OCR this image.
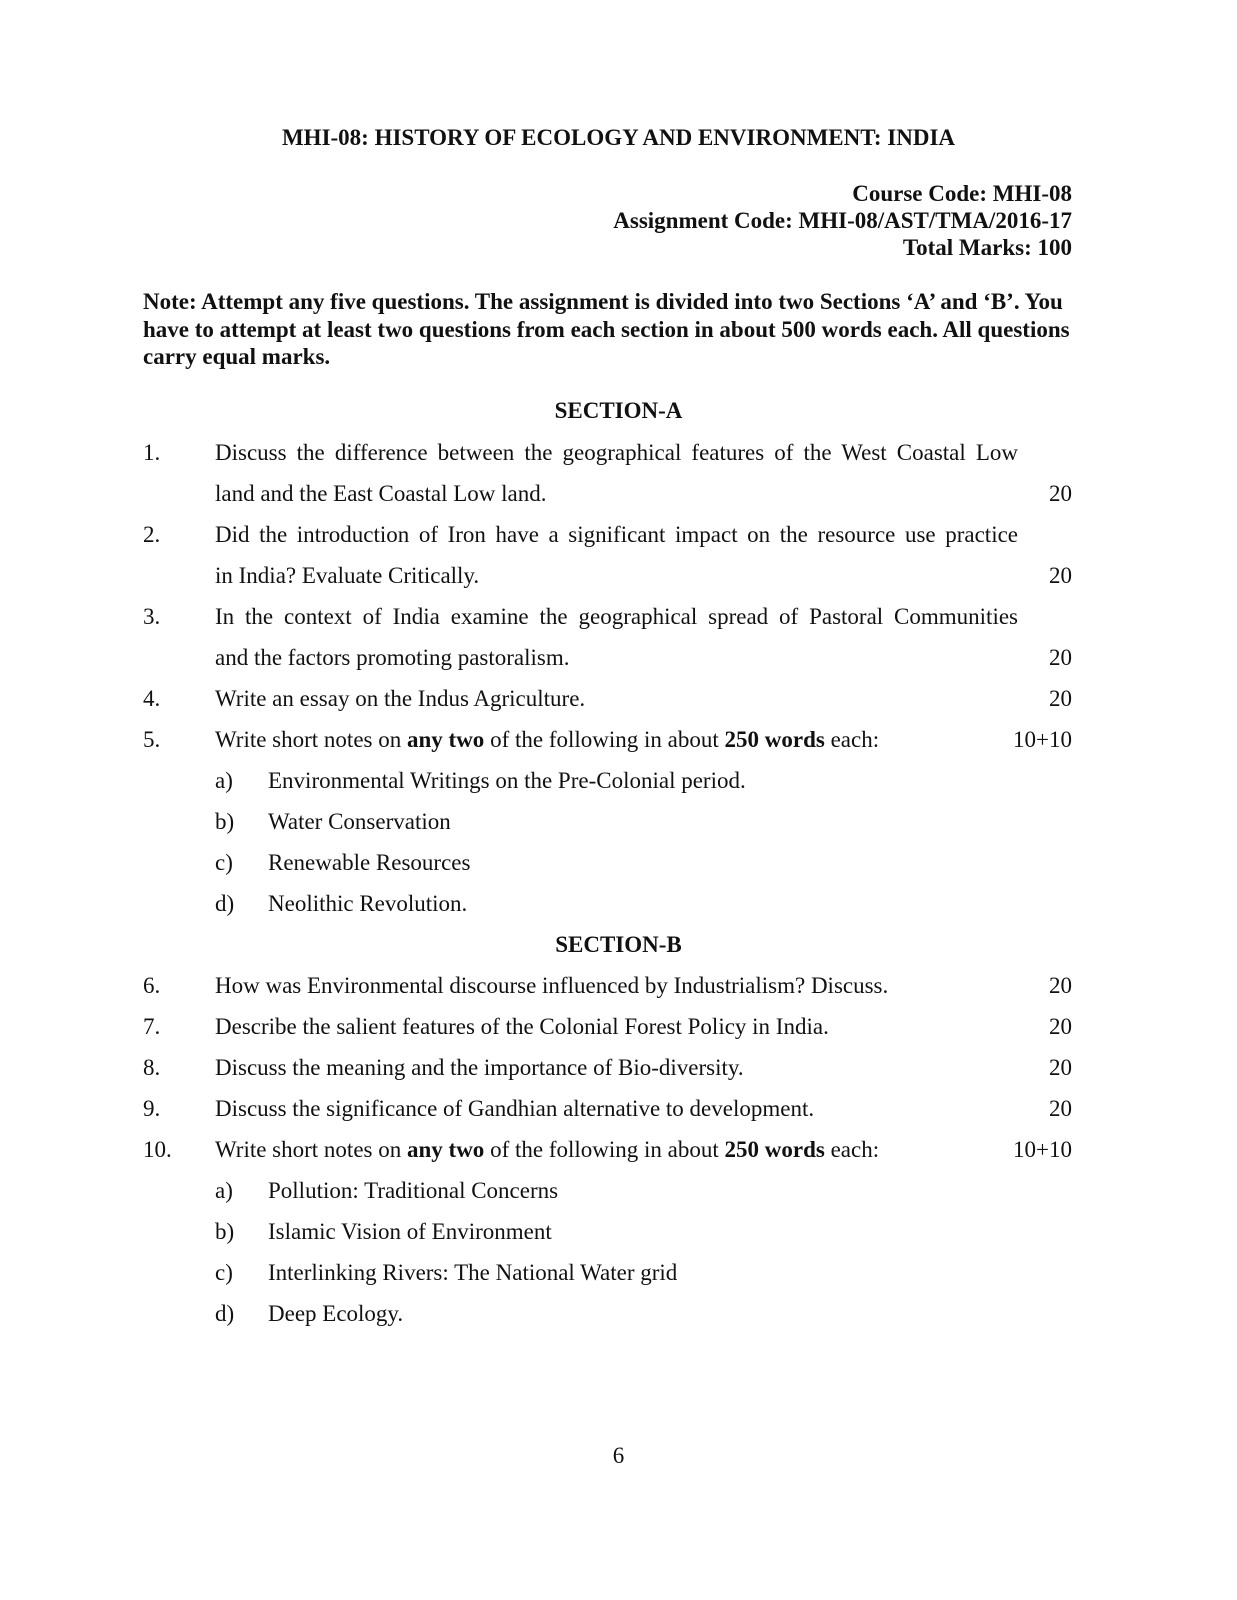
MHI-08: HISTORY OF ECOLOGY AND ENVIRONMENT: INDIA
Course Code: MHI-08
Assignment Code: MHI-08/AST/TMA/2016-17
Total Marks: 100
Note: Attempt any five questions. The assignment is divided into two Sections ‘A’ and ‘B’. You have to attempt at least two questions from each section in about 500 words each. All questions carry equal marks.
SECTION-A
1. Discuss the difference between the geographical features of the West Coastal Low
land and the East Coastal Low land.	20
2. Did the introduction of Iron have a significant impact on the resource use practice
in India? Evaluate Critically.	20
3. In the context of India examine the geographical spread of Pastoral Communities
and the factors promoting pastoralism.	20
4. Write an essay on the Indus Agriculture.	20
5. Write short notes on any two of the following in about 250 words each:	10+10
a) Environmental Writings on the Pre-Colonial period.
b) Water Conservation
c) Renewable Resources
d) Neolithic Revolution.
SECTION-B
6. How was Environmental discourse influenced by Industrialism? Discuss.	20
7. Describe the salient features of the Colonial Forest Policy in India.	20
8. Discuss the meaning and the importance of Bio-diversity.	20
9. Discuss the significance of Gandhian alternative to development.	20
10. Write short notes on any two of the following in about 250 words each:	10+10
a) Pollution: Traditional Concerns
b) Islamic Vision of Environment
c) Interlinking Rivers: The National Water grid
d) Deep Ecology.
6
